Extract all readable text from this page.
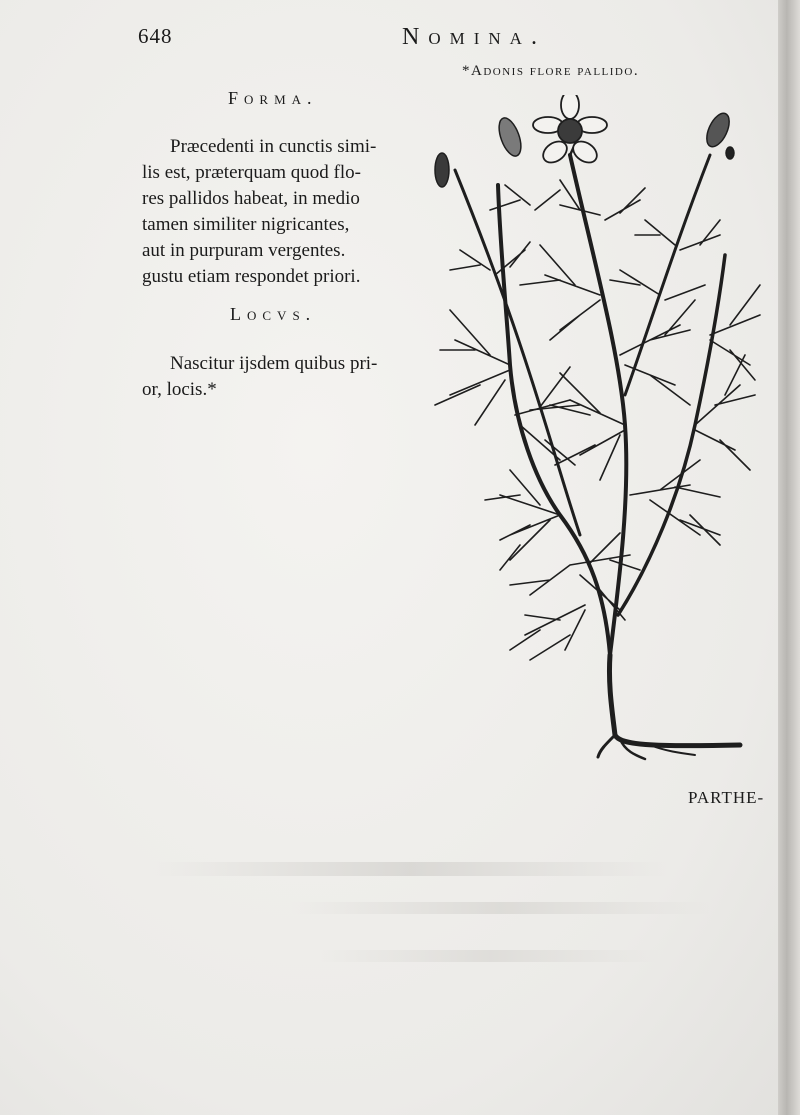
648	Nomina.
*Adonis flore pallido.
Forma.
Præcedenti in cunctis simi-
lis est, præterquam quod flo-
res pallidos habeat, in medio
tamen similiter nigricantes,
aut in purpuram vergentes.
gustu etiam respondet priori.
Locvs.
Nascitur ijsdem quibus pri-
or, locis.*
PARTHE-
